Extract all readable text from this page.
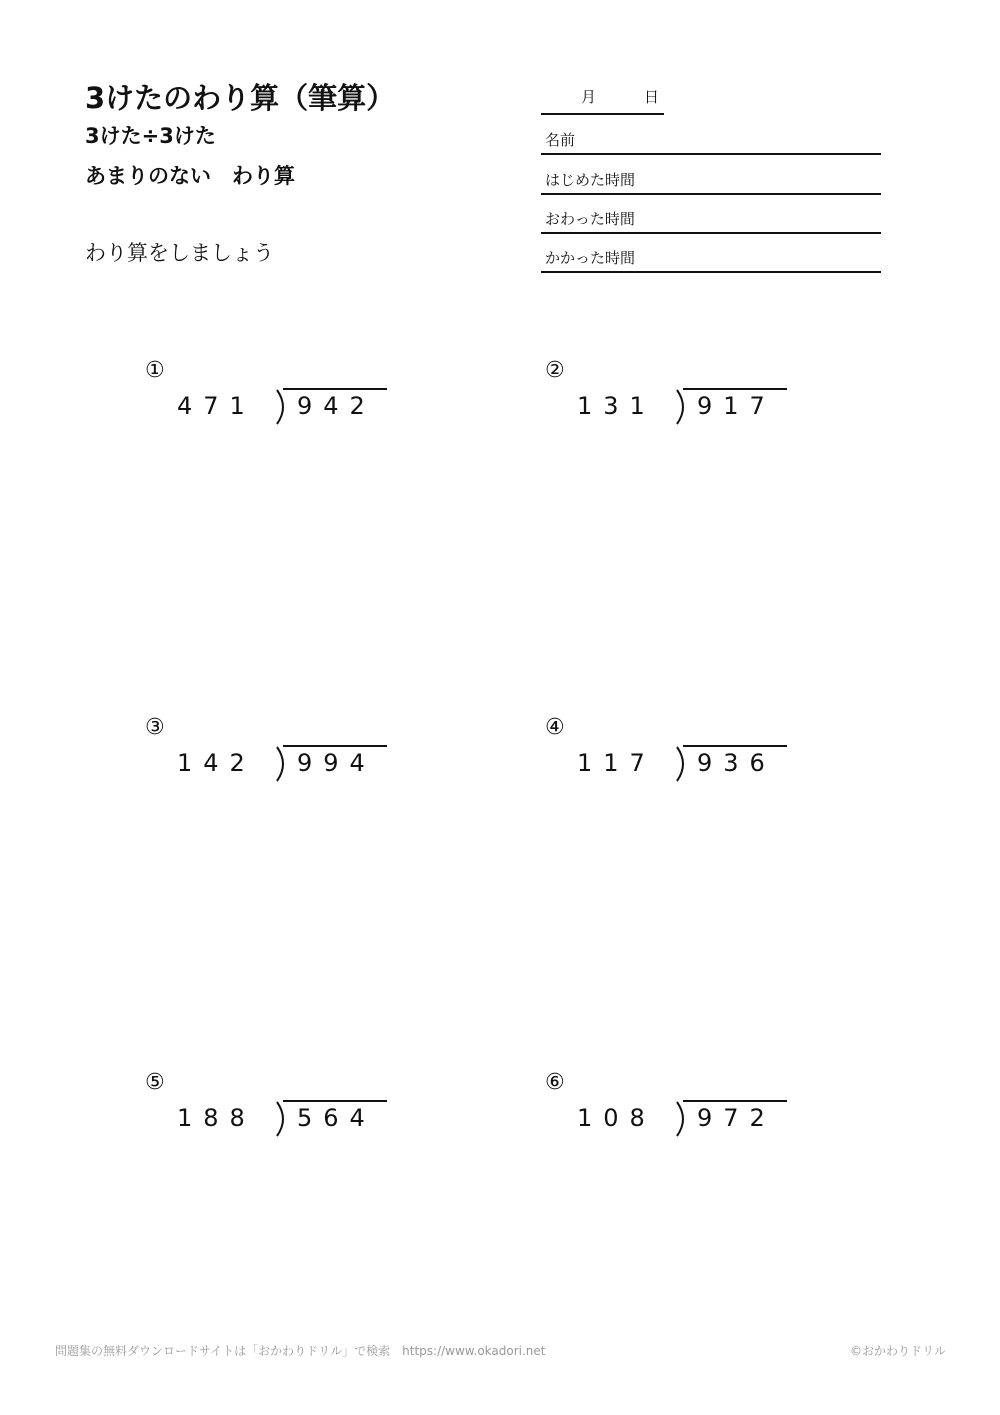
3けたのわり算（筆算）
3けた÷3けた
あまりのない　わり算
わり算をしましょう
月	日
名前
はじめた時間
おわった時間
かかった時間
①
471	942
②
131	917
③
142	994
④
117	936
⑤
188	564
⑥
108	972
問題集の無料ダウンロードサイトは「おかわりドリル」で検索　https://www.okadori.net	©おかわりドリル
